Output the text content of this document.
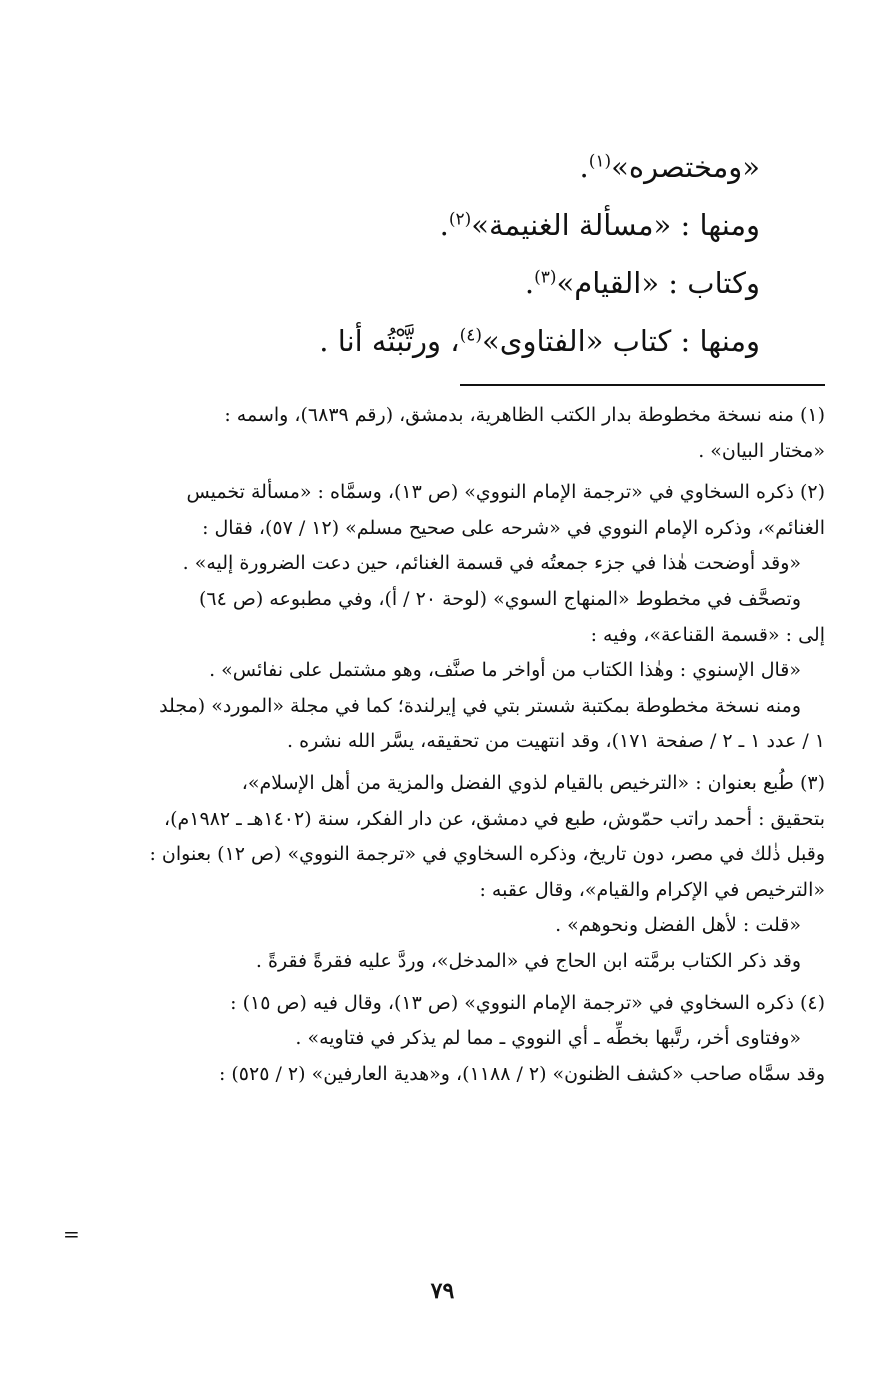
«ومختصره»$^{(١)}$.
ومنها : «مسألة الغنيمة»$^{(٢)}$.
وكتاب : «القيام»$^{(٣)}$.
ومنها : كتاب «الفتاوى»$^{(٤)}$، ورتَّبْتُه أنا .
(١) منه نسخة مخطوطة بدار الكتب الظاهرية، بدمشق، (رقم ٦٨٣٩)، واسمه :
«مختار البيان» .
(٢) ذكره السخاوي في «ترجمة الإمام النووي» (ص ١٣)، وسمَّاه : «مسألة تخميس
الغنائم»، وذكره الإمام النووي في «شرحه على صحيح مسلم» (١٢ / ٥٧)، فقال :
«وقد أوضحت هٰذا في جزء جمعتُه في قسمة الغنائم، حين دعت الضرورة إليه» .
وتصحَّف في مخطوط «المنهاج السوي» (لوحة ٢٠ / أ)، وفي مطبوعه (ص ٦٤)
إلى : «قسمة القناعة»، وفيه :
«قال الإسنوي : وهٰذا الكتاب من أواخر ما صنَّف، وهو مشتمل على نفائس» .
ومنه نسخة مخطوطة بمكتبة شستر بتي في إيرلندة؛ كما في مجلة «المورد» (مجلد
١ / عدد ١ ـ ٢ / صفحة ١٧١)، وقد انتهيت من تحقيقه، يسَّر الله نشره .
(٣) طُبع بعنوان : «الترخيص بالقيام لذوي الفضل والمزية من أهل الإسلام»،
بتحقيق : أحمد راتب حمّوش، طبع في دمشق، عن دار الفكر، سنة (١٤٠٢هـ ـ ١٩٨٢م)،
وقبل ذٰلك في مصر، دون تاريخ، وذكره السخاوي في «ترجمة النووي» (ص ١٢) بعنوان :
«الترخيص في الإكرام والقيام»، وقال عقبه :
«قلت : لأهل الفضل ونحوهم» .
وقد ذكر الكتاب برمَّته ابن الحاج في «المدخل»، وردَّ عليه فقرةً فقرةً .
(٤) ذكره السخاوي في «ترجمة الإمام النووي» (ص ١٣)، وقال فيه (ص ١٥) :
«وفتاوى أخر، رتَّبها بخطِّه ـ أي النووي ـ مما لم يذكر في فتاويه» .
وقد سمَّاه صاحب «كشف الظنون» (٢ / ١١٨٨)، و«هدية العارفين» (٢ / ٥٢٥) :
=
٧٩
